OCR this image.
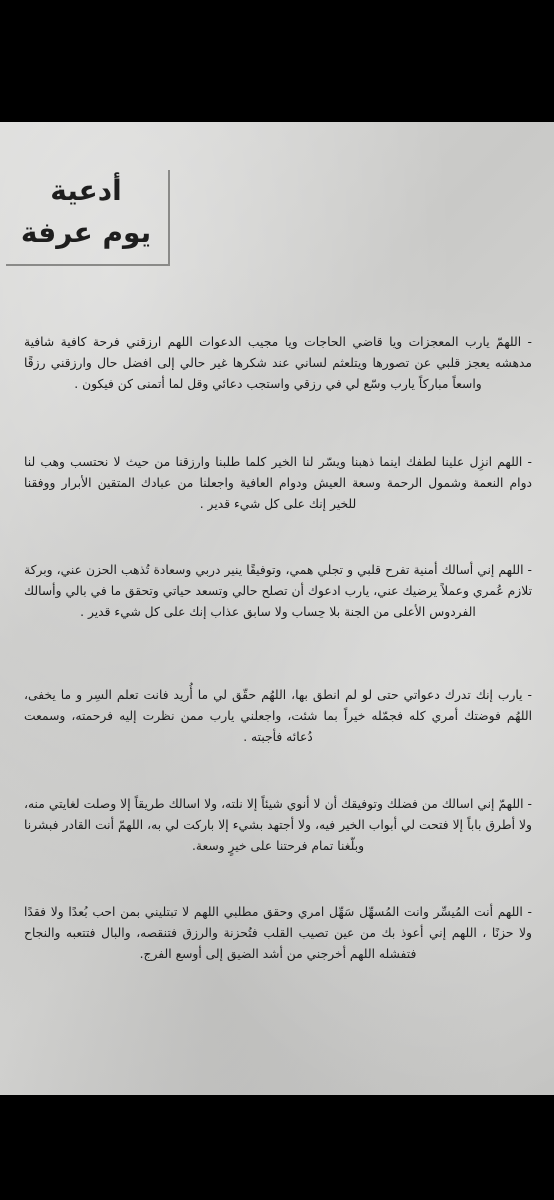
أدعية
يوم عرفة
- اللهمّ يارب المعجزات ويا قاضي الحاجات ويا مجيب الدعوات اللهم ارزقني فرحة كافية شافية مدهشه يعجز قلبي عن تصورها ويتلعثم لساني عند شكرها غير حالي إلى افضل حال وارزقني رزقًا واسعاً مباركاً يارب وسّع لي في رزقي واستجب دعائي وقل لما أتمنى كن فيكون .
- اللهم انزِل علينا لطفك اينما ذهبنا ويسّر لنا الخير كلما طلبنا وارزقنا من حيث لا نحتسب وهب لنا دوام النعمة وشمول الرحمة وسعة العيش ودوام العافية واجعلنا من عبادك المتقين الأبرار ووفقنا للخير إنك على كل شيء قدير .
- اللهم إني أسالك أمنية تفرح قلبي و تجلي همي، وتوفيقًا ينير دربي وسعادة تُذهب الحزن عني، وبركة تلازم عُمري وعملاً يرضيك عني، يارب ادعوك أن تصلح حالي وتسعد حياتي وتحقق ما في بالي وأسالك الفردوس الأعلى من الجنة بلا حِساب ولا سابق عذاب إنك على كل شيء قدير .
- يارب إنك تدرك دعواتي حتى لو لم انطق بها، اللهُم حقّق لي ما أُريد فانت تعلم السِر و ما يخفى، اللهُم فوضتك أمري كله فجمّله خيراً بما شئت، واجعلني يارب ممن نظرت إليه فرحمته، وسمعت دُعائه فأجبته .
- اللهمّ إني اسالك من فضلك وتوفيقك أن لا أنوي شيئاً إلا نلته، ولا اسالك طريقاً إلا وصلت لغايتي منه، ولا أطرق باباً إلا فتحت لي أبواب الخير فيه، ولا أجتهد بشيء إلا باركت لي به، اللهمّ أنت القادر فبشرنا وبلّغنا تمام فرحتنا على خيرٍ وسعة.
- اللهم أنت المُيسِّر وانت المُسهِّل سَهِّل امري وحقق مطلبي اللهم لا تبتليني بمن احب بُعدًا ولا فقدًا ولا حزنًا ، اللهم إني أعوذ بك من عين تصيب القلب فتُحزنة والرزق فتنقصه، والبال فتتعبه والنجاح فتفشله اللهم أخرجني من أشد الضيق إلى أوسع الفرج.
